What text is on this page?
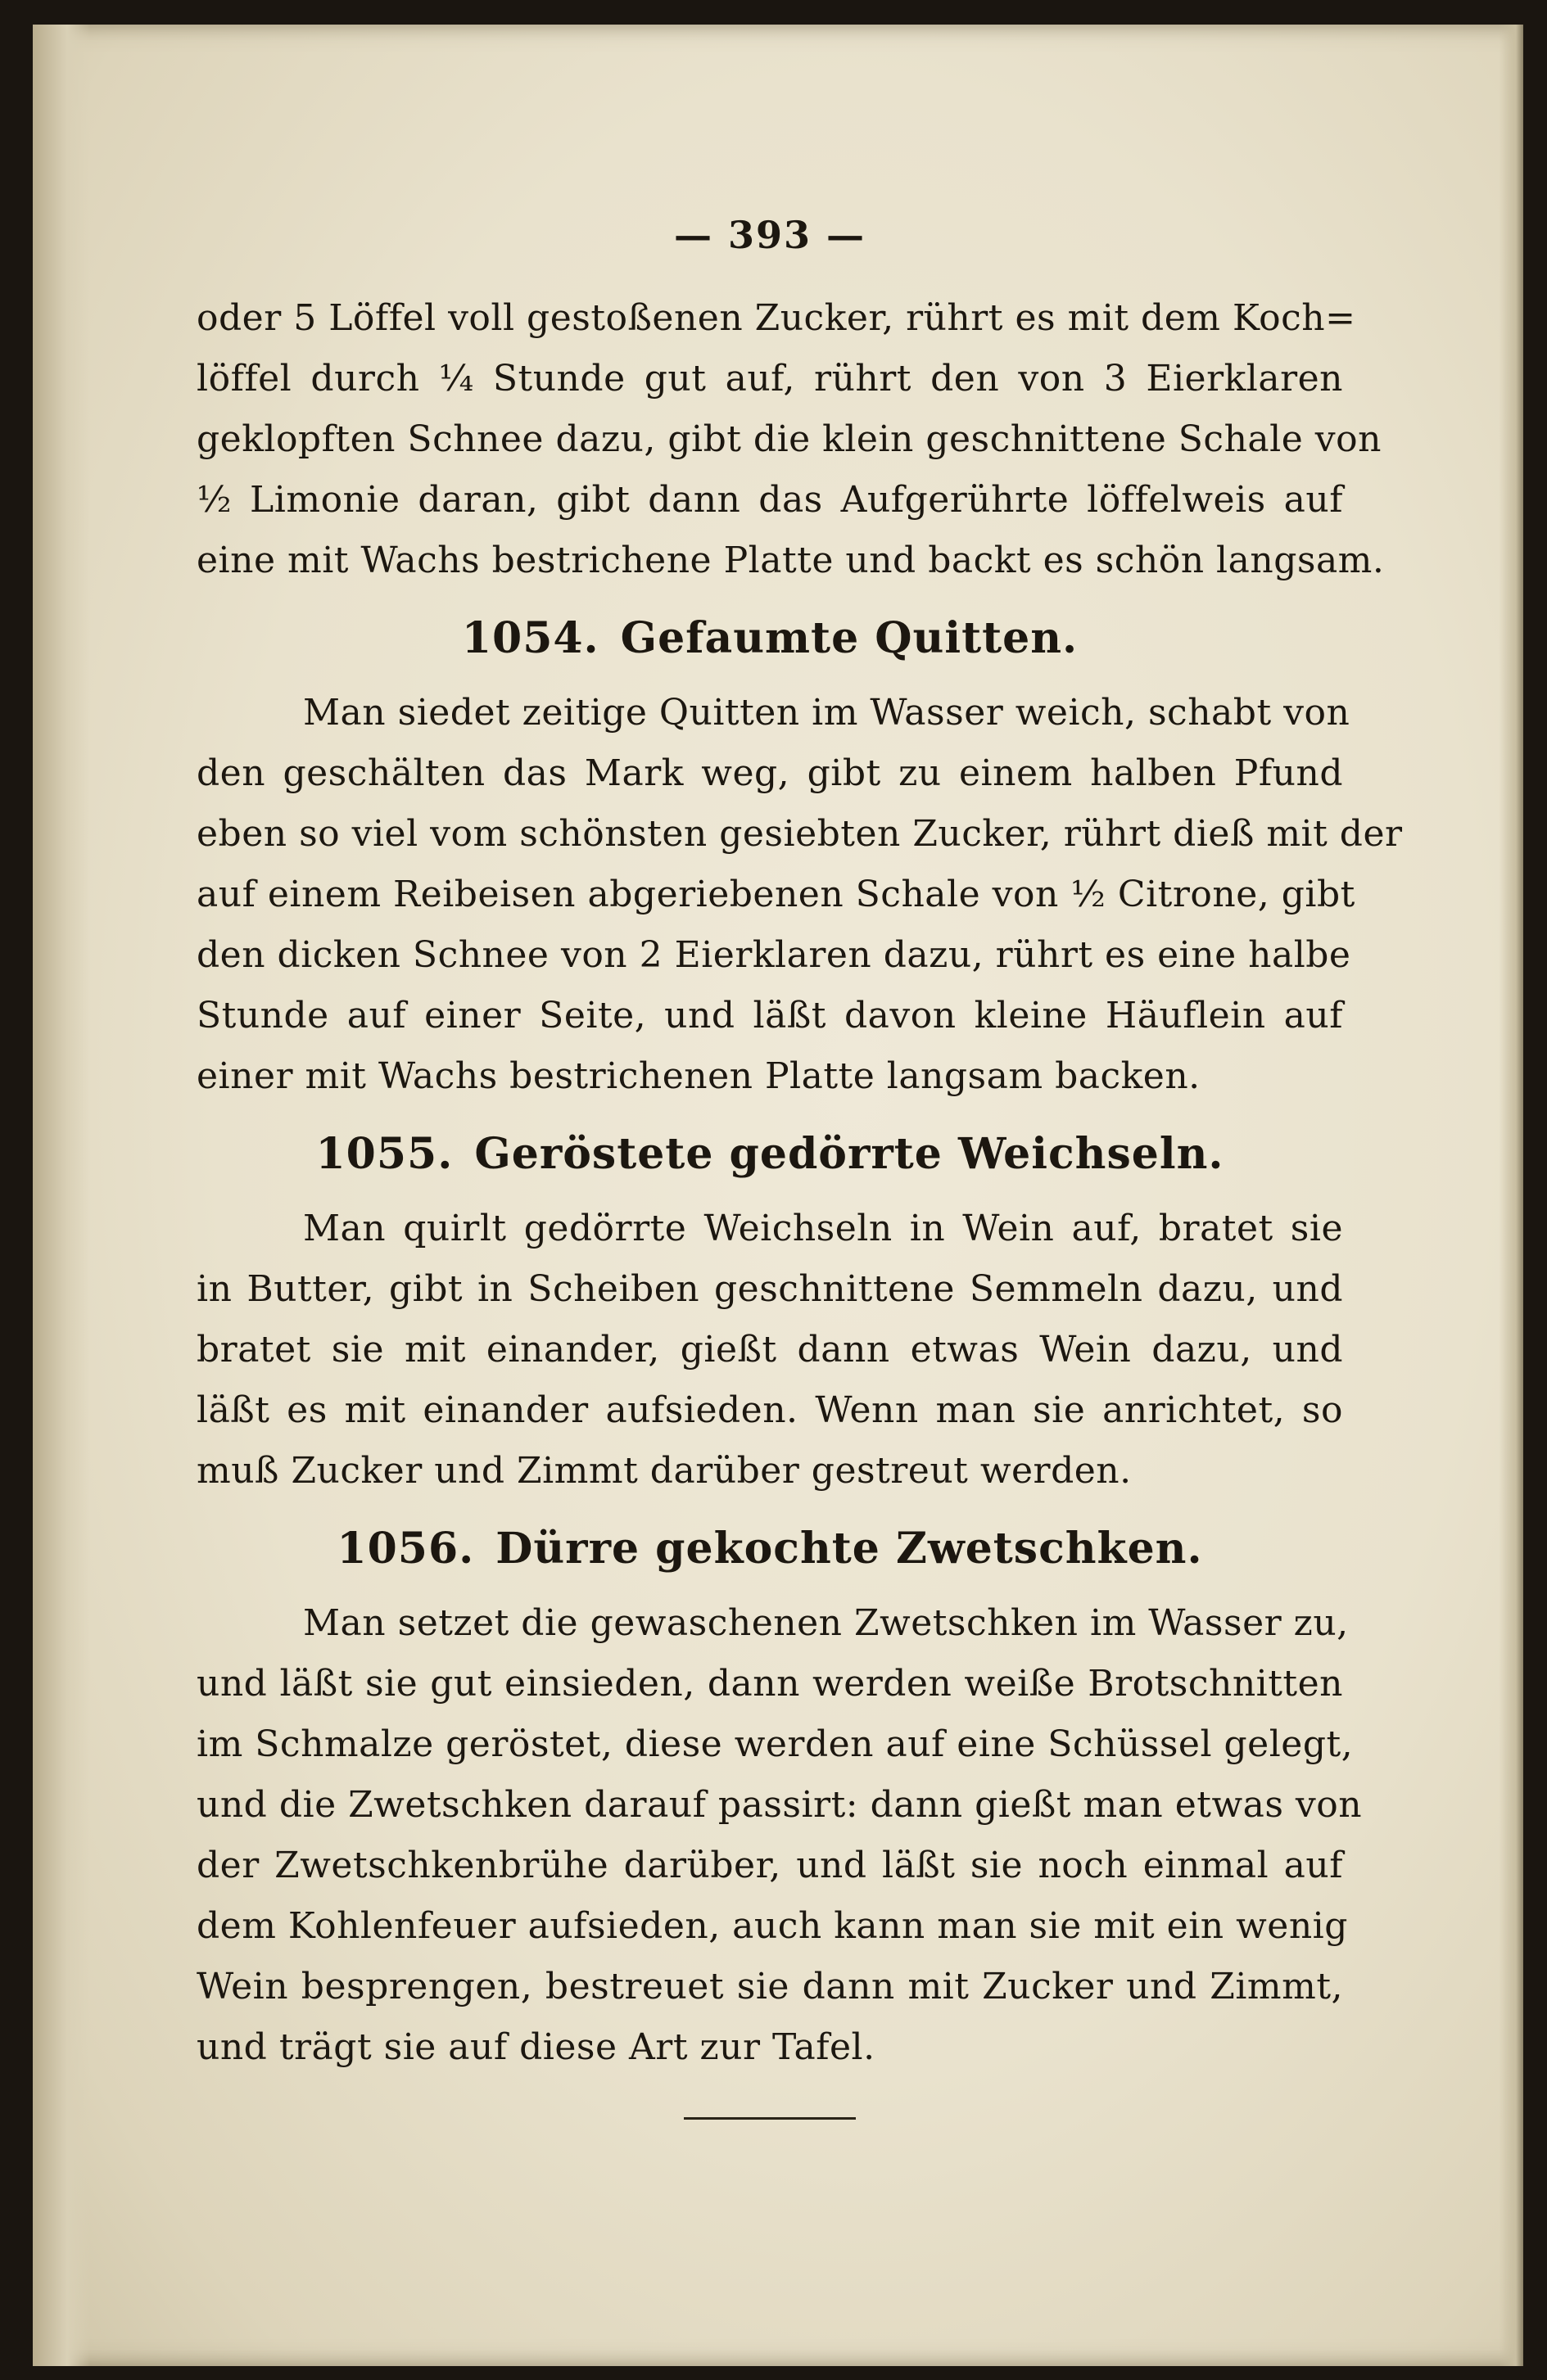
— 393 —
oder 5 Löffel voll gestoßenen Zucker, rührt es mit dem Koch=
löffel durch ¼ Stunde gut auf, rührt den von 3 Eierklaren
geklopften Schnee dazu, gibt die klein geschnittene Schale von
½ Limonie daran, gibt dann das Aufgerührte löffelweis auf
eine mit Wachs bestrichene Platte und backt es schön langsam.
1054. Gefaumte Quitten.
Man siedet zeitige Quitten im Wasser weich, schabt von
den geschälten das Mark weg, gibt zu einem halben Pfund
eben so viel vom schönsten gesiebten Zucker, rührt dieß mit der
auf einem Reibeisen abgeriebenen Schale von ½ Citrone, gibt
den dicken Schnee von 2 Eierklaren dazu, rührt es eine halbe
Stunde auf einer Seite, und läßt davon kleine Häuflein auf
einer mit Wachs bestrichenen Platte langsam backen.
1055. Geröstete gedörrte Weichseln.
Man quirlt gedörrte Weichseln in Wein auf, bratet sie
in Butter, gibt in Scheiben geschnittene Semmeln dazu, und
bratet sie mit einander, gießt dann etwas Wein dazu, und
läßt es mit einander aufsieden. Wenn man sie anrichtet, so
muß Zucker und Zimmt darüber gestreut werden.
1056. Dürre gekochte Zwetschken.
Man setzet die gewaschenen Zwetschken im Wasser zu,
und läßt sie gut einsieden, dann werden weiße Brotschnitten
im Schmalze geröstet, diese werden auf eine Schüssel gelegt,
und die Zwetschken darauf passirt: dann gießt man etwas von
der Zwetschkenbrühe darüber, und läßt sie noch einmal auf
dem Kohlenfeuer aufsieden, auch kann man sie mit ein wenig
Wein besprengen, bestreuet sie dann mit Zucker und Zimmt,
und trägt sie auf diese Art zur Tafel.
